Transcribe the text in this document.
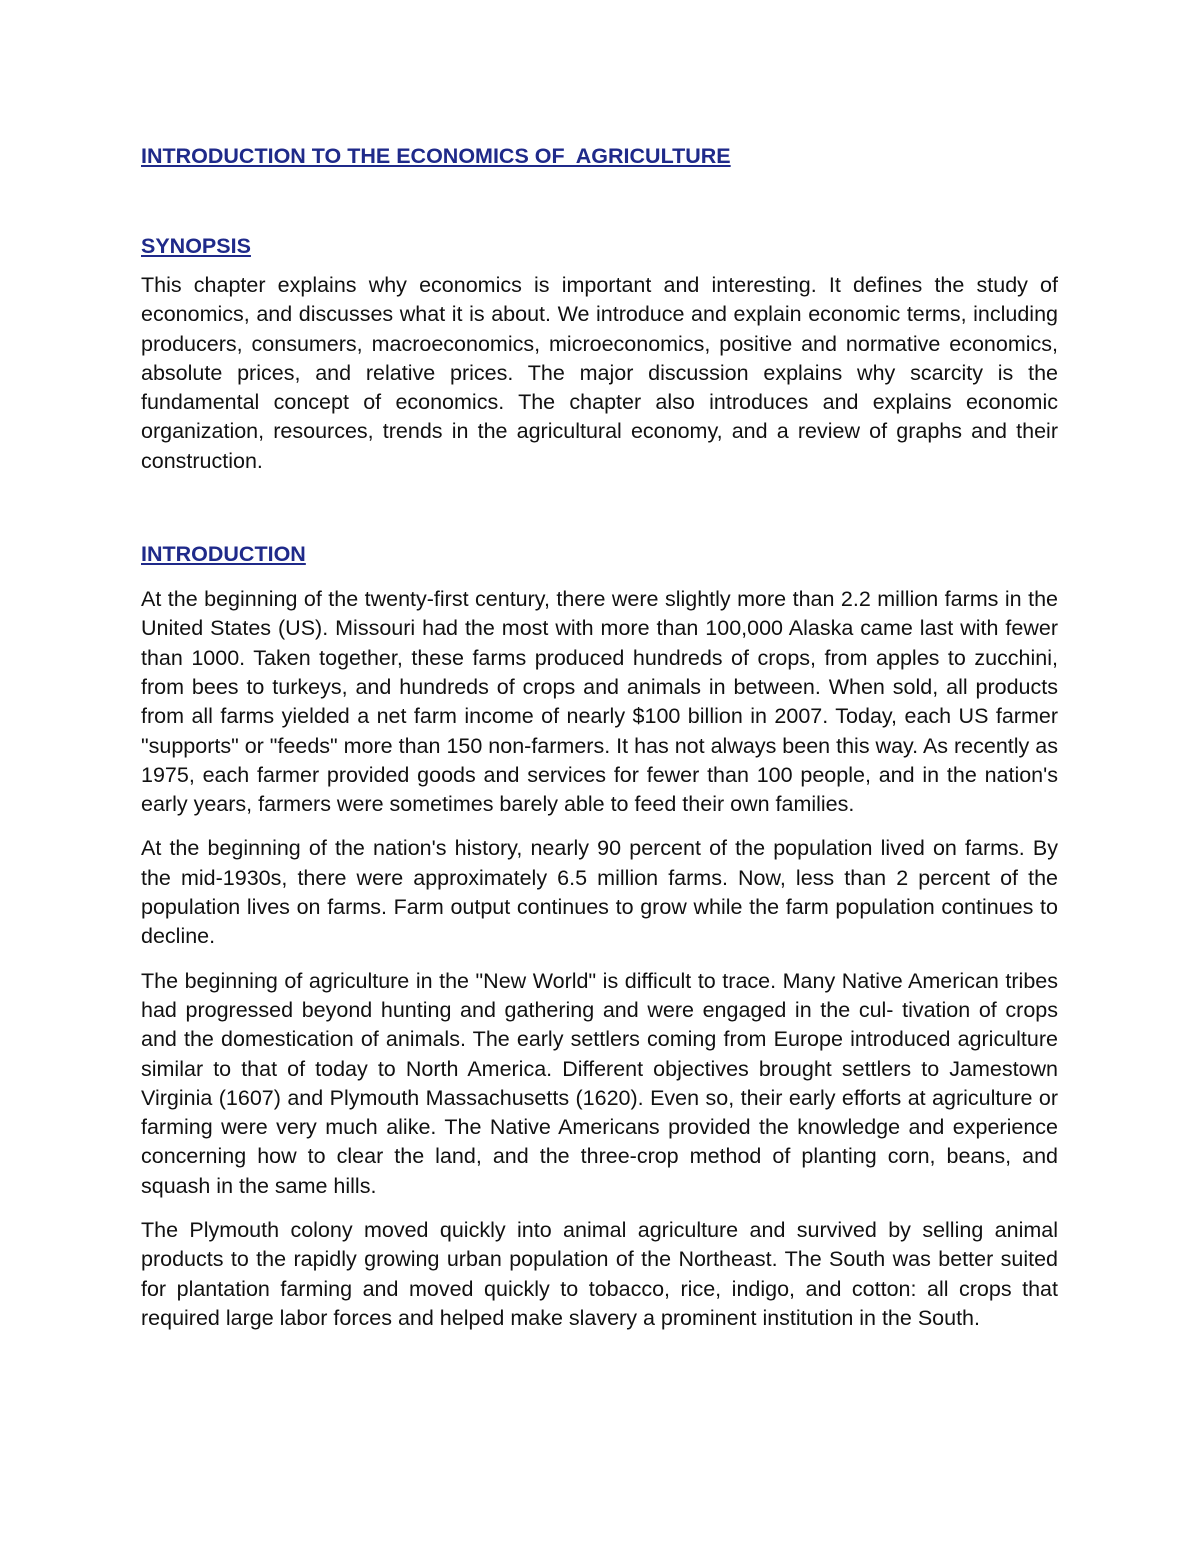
INTRODUCTION TO THE ECONOMICS OF  AGRICULTURE
SYNOPSIS

This chapter explains why economics is important and interesting. It defines the study of economics, and discusses what it is about. We introduce and explain economic terms, including producers, consumers, macroeconomics, microeconomics, positive and normative economics, absolute prices, and relative prices. The major discussion explains why scarcity is the fundamental concept of economics. The chapter also introduces and explains economic organization, resources, trends in the agricultural economy, and a review of graphs and their construction.

INTRODUCTION

At the beginning of the twenty-first century, there were slightly more than 2.2 million farms in the United States (US). Missouri had the most with more than 100,000 Alaska came last with fewer than 1000. Taken together, these farms produced hundreds of crops, from apples to zucchini, from bees to turkeys, and hundreds of crops and animals in between. When sold, all products from all farms yielded a net farm income of nearly $100 billion in 2007. Today, each US farmer "supports" or "feeds" more than 150 non-farmers. It has not always been this way. As recently as 1975, each farmer provided goods and services for fewer than 100 people, and in the nation's early years, farmers were sometimes barely able to feed their own families.

At the beginning of the nation's history, nearly 90 percent of the population lived on farms. By the mid-1930s, there were approximately 6.5 million farms. Now, less than 2 percent of the population lives on farms. Farm output continues to grow while the farm population continues to decline.

The beginning of agriculture in the "New World" is difficult to trace. Many Native American tribes had progressed beyond hunting and gathering and were engaged in the cul- tivation of crops and the domestication of animals. The early settlers coming from Europe introduced agriculture similar to that of today to North America. Different objectives brought settlers to Jamestown Virginia (1607) and Plymouth Massachusetts (1620). Even so, their early efforts at agriculture or farming were very much alike. The Native Americans provided the knowledge and experience concerning how to clear the land, and the three-crop method of planting corn, beans, and squash in the same hills.

The Plymouth colony moved quickly into animal agriculture and survived by selling animal products to the rapidly growing urban population of the Northeast. The South was better suited for plantation farming and moved quickly to tobacco, rice, indigo, and cotton: all crops that required large labor forces and helped make slavery a prominent institution in the South.
